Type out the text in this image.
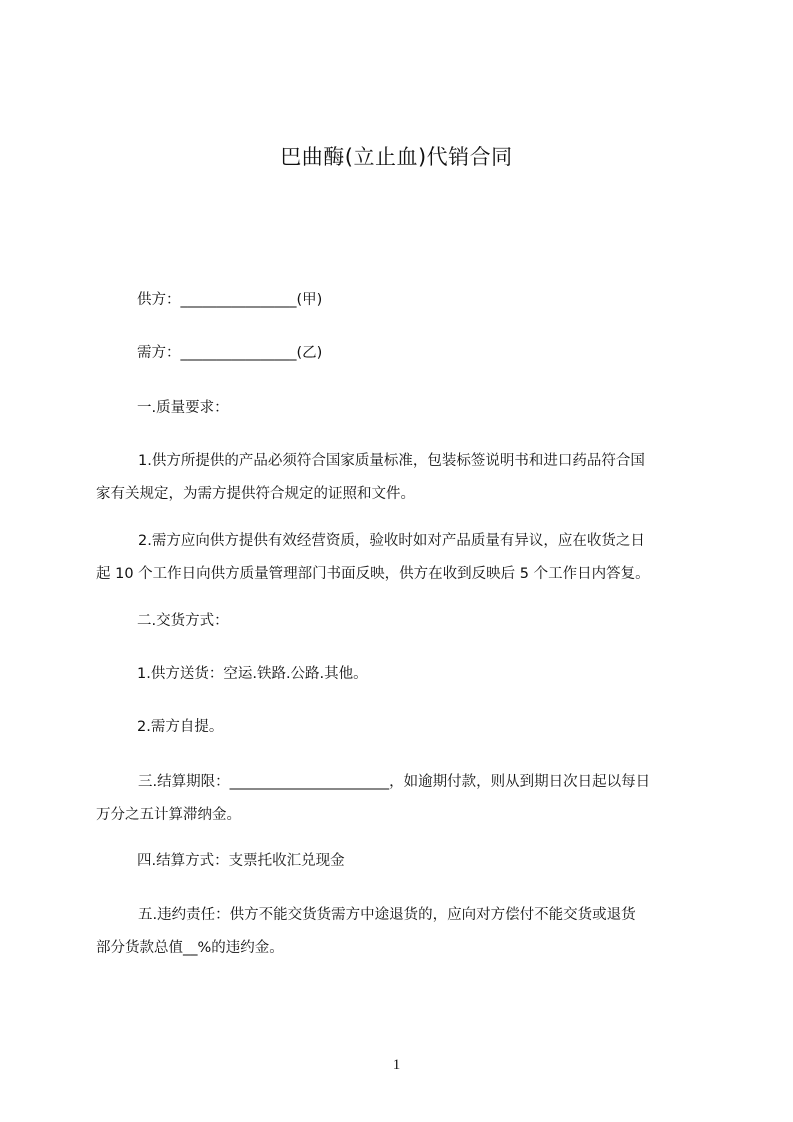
巴曲酶(立止血)代销合同
供方：________________(甲)
需方：________________(乙)
一.质量要求：
1.供方所提供的产品必须符合国家质量标准，包装标签说明书和进口药品符合国
家有关规定，为需方提供符合规定的证照和文件。
2.需方应向供方提供有效经营资质，验收时如对产品质量有异议，应在收货之日
起 10 个工作日向供方质量管理部门书面反映，供方在收到反映后 5 个工作日内答复。
二.交货方式：
1.供方送货：空运.铁路.公路.其他。
2.需方自提。
三.结算期限：______________________，如逾期付款，则从到期日次日起以每日
万分之五计算滞纳金。
四.结算方式：支票托收汇兑现金
五.违约责任：供方不能交货货需方中途退货的，应向对方偿付不能交货或退货
部分货款总值__%的违约金。
1
